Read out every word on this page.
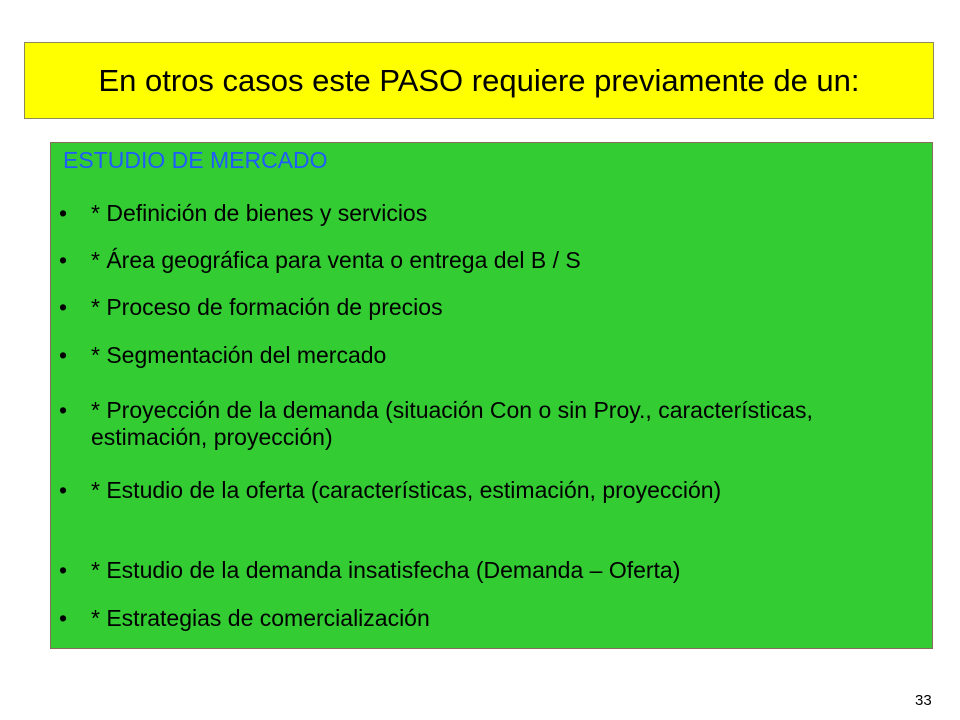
En otros casos este PASO requiere previamente de un:
ESTUDIO DE MERCADO
• * Definición de bienes y servicios
• * Área geográfica para venta o entrega del B / S
• * Proceso de formación de precios
• * Segmentación del mercado
• * Proyección de la demanda (situación Con o sin Proy., características, estimación, proyección)
• * Estudio de la oferta (características, estimación, proyección)
• * Estudio de la demanda insatisfecha (Demanda – Oferta)
• * Estrategias de comercialización
33
